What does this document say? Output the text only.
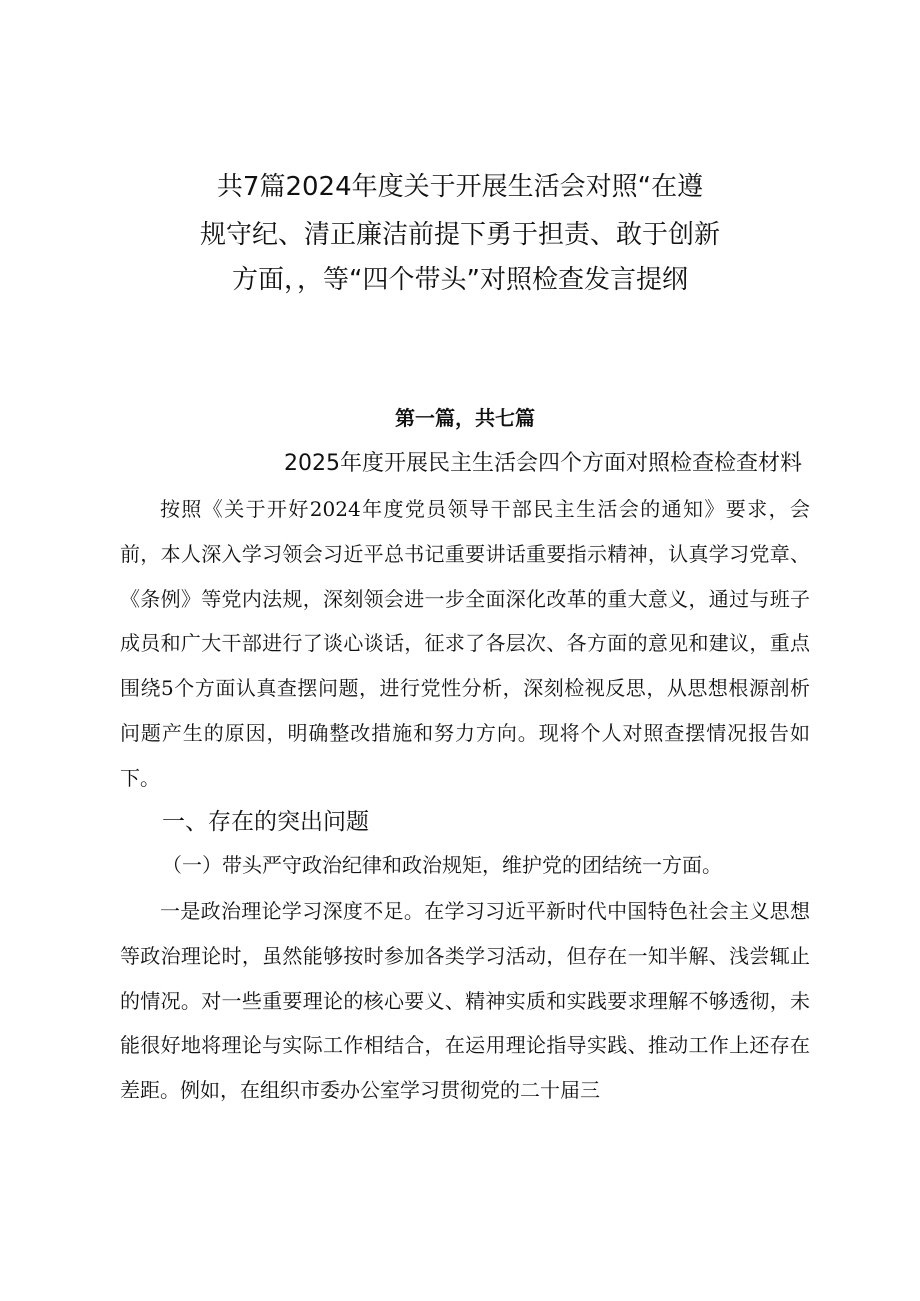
共7篇2024年度关于开展生活会对照“在遵
规守纪、清正廉洁前提下勇于担责、敢于创新
方面，，等“四个带头”对照检查发言提纲
第一篇，共七篇
2025年度开展民主生活会四个方面对照检查检查材料

按照《关于开好2024年度党员领导干部民主生活会的通知》要求，会前，本人深入学习领会习近平总书记重要讲话重要指示精神，认真学习党章、《条例》等党内法规，深刻领会进一步全面深化改革的重大意义，通过与班子成员和广大干部进行了谈心谈话，征求了各层次、各方面的意见和建议，重点围绕5个方面认真查摆问题，进行党性分析，深刻检视反思，从思想根源剖析问题产生的原因，明确整改措施和努力方向。现将个人对照查摆情况报告如下。

一、存在的突出问题
（一）带头严守政治纪律和政治规矩，维护党的团结统一方面。

一是政治理论学习深度不足。在学习习近平新时代中国特色社会主义思想等政治理论时，虽然能够按时参加各类学习活动，但存在一知半解、浅尝辄止的情况。对一些重要理论的核心要义、精神实质和实践要求理解不够透彻，未能很好地将理论与实际工作相结合，在运用理论指导实践、推动工作上还存在差距。例如，在组织市委办公室学习贯彻党的二十届三
